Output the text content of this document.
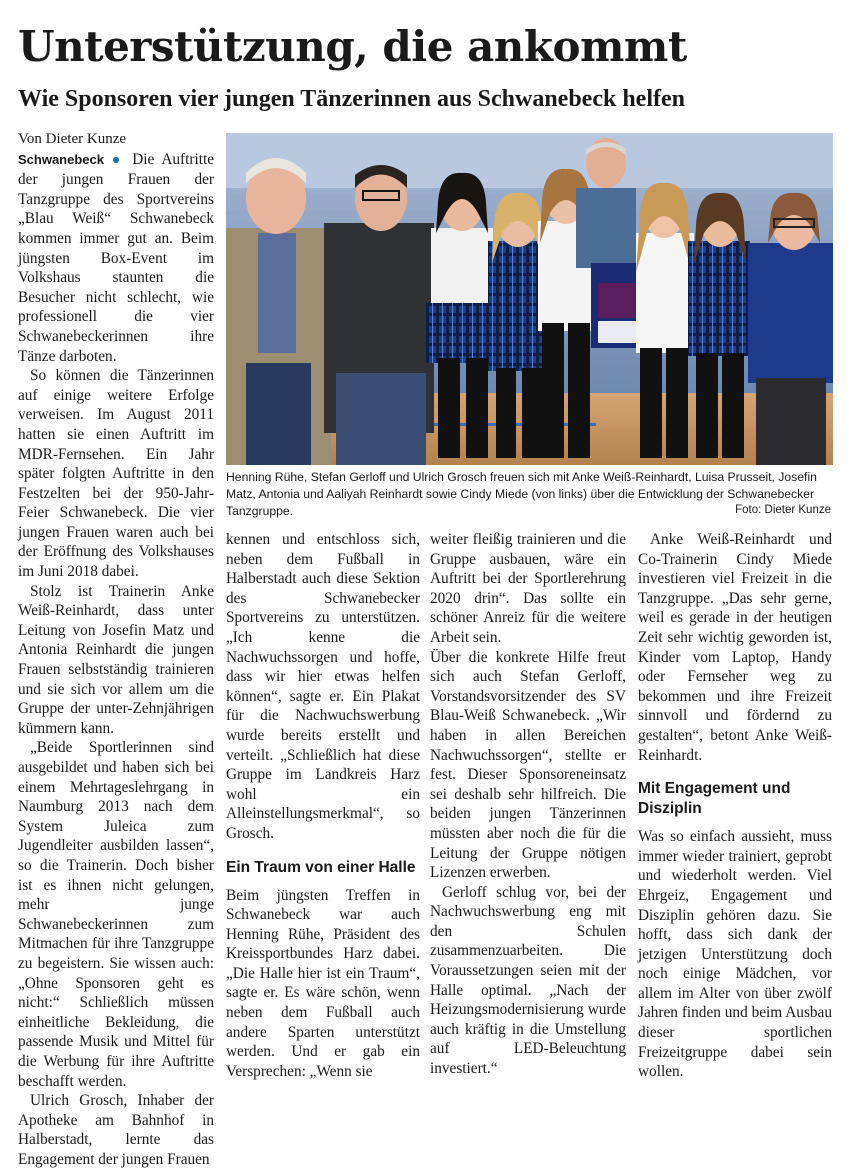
Unterstützung, die ankommt
Wie Sponsoren vier jungen Tänzerinnen aus Schwanebeck helfen

Von Dieter Kunze

Schwanebeck ● Die Auftritte der jungen Frauen der Tanzgruppe des Sportvereins „Blau Weiß“ Schwanebeck kommen immer gut an. Beim jüngsten Box-Event im Volkshaus staunten die Besucher nicht schlecht, wie professionell die vier Schwanebeckerinnen ihre Tänze darboten.

So können die Tänzerinnen auf einige weitere Erfolge verweisen. Im August 2011 hatten sie einen Auftritt im MDR-Fernsehen. Ein Jahr später folgten Auftritte in den Festzelten bei der 950-Jahr-Feier Schwanebeck. Die vier jungen Frauen waren auch bei der Eröffnung des Volkshauses im Juni 2018 dabei.

Stolz ist Trainerin Anke Weiß-Reinhardt, dass unter Leitung von Josefin Matz und Antonia Reinhardt die jungen Frauen selbstständig trainieren und sie sich vor allem um die Gruppe der unter-Zehnjährigen kümmern kann.

„Beide Sportlerinnen sind ausgebildet und haben sich bei einem Mehrtageslehrgang in Naumburg 2013 nach dem System Juleica zum Jugendleiter ausbilden lassen“, so die Trainerin. Doch bisher ist es ihnen nicht gelungen, mehr junge Schwanebeckerinnen zum Mitmachen für ihre Tanzgruppe zu begeistern. Sie wissen auch: „Ohne Sponsoren geht es nicht:“ Schließlich müssen einheitliche Bekleidung, die passende Musik und Mittel für die Werbung für ihre Auftritte beschafft werden.

Ulrich Grosch, Inhaber der Apotheke am Bahnhof in Halberstadt, lernte das Engagement der jungen Frauen

Henning Rühe, Stefan Gerloff und Ulrich Grosch freuen sich mit Anke Weiß-Reinhardt, Luisa Prusseit, Josefin Matz, Antonia und Aaliyah Reinhardt sowie Cindy Miede (von links) über die Entwicklung der Schwanebecker Tanzgruppe.	Foto: Dieter Kunze

kennen und entschloss sich, neben dem Fußball in Halberstadt auch diese Sektion des Schwanebecker Sportvereins zu unterstützen. „Ich kenne die Nachwuchssorgen und hoffe, dass wir hier etwas helfen können“, sagte er. Ein Plakat für die Nachwuchswerbung wurde bereits erstellt und verteilt. „Schließlich hat diese Gruppe im Landkreis Harz wohl ein Alleinstellungsmerkmal“, so Grosch.

Ein Traum von einer Halle

Beim jüngsten Treffen in Schwanebeck war auch Henning Rühe, Präsident des Kreissportbundes Harz dabei. „Die Halle hier ist ein Traum“, sagte er. Es wäre schön, wenn neben dem Fußball auch andere Sparten unterstützt werden. Und er gab ein Versprechen: „Wenn sie

weiter fleißig trainieren und die Gruppe ausbauen, wäre ein Auftritt bei der Sportlerehrung 2020 drin“. Das sollte ein schöner Anreiz für die weitere Arbeit sein.

Über die konkrete Hilfe freut sich auch Stefan Gerloff, Vorstandsvorsitzender des SV Blau-Weiß Schwanebeck. „Wir haben in allen Bereichen Nachwuchssorgen“, stellte er fest. Dieser Sponsoreneinsatz sei deshalb sehr hilfreich. Die beiden jungen Tänzerinnen müssten aber noch die für die Leitung der Gruppe nötigen Lizenzen erwerben.

Gerloff schlug vor, bei der Nachwuchswerbung eng mit den Schulen zusammenzuarbeiten. Die Voraussetzungen seien mit der Halle optimal. „Nach der Heizungsmodernisierung wurde auch kräftig in die Umstellung auf LED-Beleuchtung investiert.“

Anke Weiß-Reinhardt und Co-Trainerin Cindy Miede investieren viel Freizeit in die Tanzgruppe. „Das sehr gerne, weil es gerade in der heutigen Zeit sehr wichtig geworden ist, Kinder vom Laptop, Handy oder Fernseher weg zu bekommen und ihre Freizeit sinnvoll und fördernd zu gestalten“, betont Anke Weiß-Reinhardt.

Mit Engagement und Disziplin

Was so einfach aussieht, muss immer wieder trainiert, geprobt und wiederholt werden. Viel Ehrgeiz, Engagement und Disziplin gehören dazu. Sie hofft, dass sich dank der jetzigen Unterstützung doch noch einige Mädchen, vor allem im Alter von über zwölf Jahren finden und beim Ausbau dieser sportlichen Freizeitgruppe dabei sein wollen.
